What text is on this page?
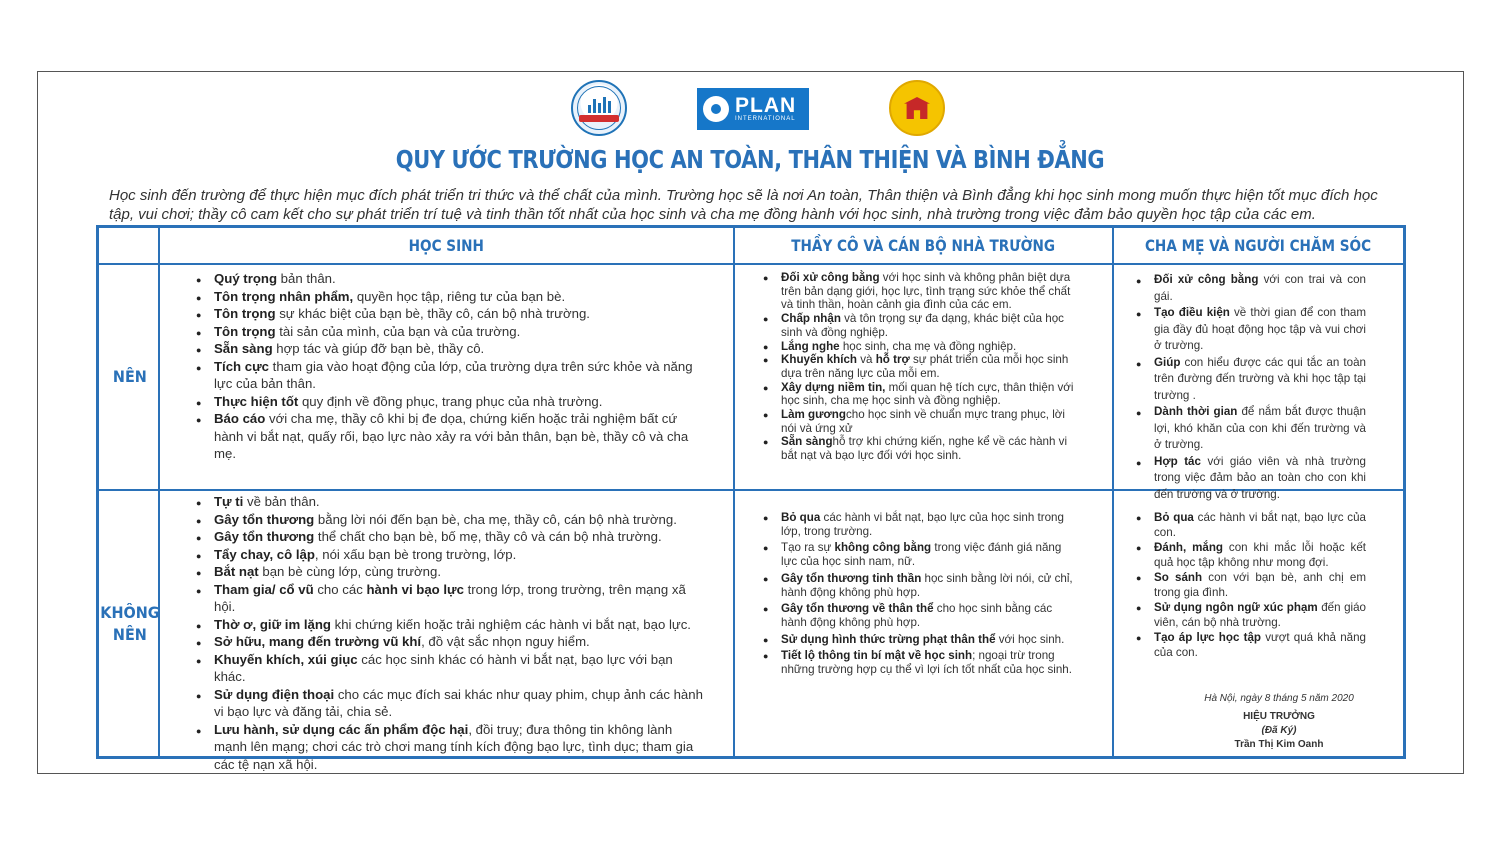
PLAN
INTERNATIONAL
QUY ƯỚC TRƯỜNG HỌC AN TOÀN, THÂN THIỆN VÀ BÌNH ĐẲNG
Học sinh đến trường để thực hiện mục đích phát triển tri thức và thể chất của mình. Trường học sẽ là nơi An toàn, Thân thiện và Bình đẳng khi học sinh mong muốn thực hiện tốt mục đích học tập, vui chơi; thầy cô cam kết cho sự phát triển trí tuệ và tinh thần tốt nhất của học sinh và cha mẹ đồng hành với học sinh, nhà trường trong việc đảm bảo quyền học tập của các em.
HỌC SINH	THẦY CÔ VÀ CÁN BỘ NHÀ TRƯỜNG	CHA MẸ VÀ NGƯỜI CHĂM SÓC
NÊN
KHÔNG
NÊN
● Quý trọng bản thân.
● Tôn trọng nhân phẩm, quyền học tập, riêng tư của bạn bè.
● Tôn trọng sự khác biệt của bạn bè, thầy cô, cán bộ nhà trường.
● Tôn trọng tài sản của mình, của bạn và của trường.
● Sẵn sàng hợp tác và giúp đỡ bạn bè, thầy cô.
● Tích cực tham gia vào hoạt động của lớp, của trường dựa trên sức khỏe và năng lực của bản thân.
● Thực hiện tốt quy định về đồng phục, trang phục của nhà trường.
● Báo cáo với cha mẹ, thầy cô khi bị đe dọa, chứng kiến hoặc trải nghiệm bất cứ hành vi bắt nạt, quấy rối, bạo lực nào xảy ra với bản thân, bạn bè, thầy cô và cha mẹ.
● Đối xử công bằng với học sinh và không phân biệt dựa trên bản dạng giới, học lực, tình trạng sức khỏe thể chất và tinh thần, hoàn cảnh gia đình của các em.
● Chấp nhận và tôn trọng sự đa dạng, khác biệt của học sinh và đồng nghiệp.
● Lắng nghe học sinh, cha mẹ và đồng nghiệp.
● Khuyến khích và hỗ trợ sự phát triển của mỗi học sinh dựa trên năng lực của mỗi em.
● Xây dựng niềm tin, mối quan hệ tích cực, thân thiện với học sinh, cha mẹ học sinh và đồng nghiệp.
● Làm gươngcho học sinh về chuẩn mực trang phục, lời nói và ứng xử
● Sẵn sànghỗ trợ khi chứng kiến, nghe kể về các hành vi bắt nạt và bạo lực đối với học sinh.
● Đối xử công bằng với con trai và con gái.
● Tạo điều kiện về thời gian để con tham gia đầy đủ hoạt động học tập và vui chơi ở trường.
● Giúp con hiểu được các qui tắc an toàn trên đường đến trường và khi học tập tại trường .
● Dành thời gian để nắm bắt được thuận lợi, khó khăn của con khi đến trường và ở trường.
● Hợp tác với giáo viên và nhà trường trong việc đảm bảo an toàn cho con khi đến trường và ở trường.
● Tự ti về bản thân.
● Gây tổn thương bằng lời nói đến bạn bè, cha mẹ, thầy cô, cán bộ nhà trường.
● Gây tổn thương thể chất cho bạn bè, bố mẹ, thầy cô và cán bộ nhà trường.
● Tẩy chay, cô lập, nói xấu bạn bè trong trường, lớp.
● Bắt nạt bạn bè cùng lớp, cùng trường.
● Tham gia/ cổ vũ cho các hành vi bạo lực trong lớp, trong trường, trên mạng xã hội.
● Thờ ơ, giữ im lặng khi chứng kiến hoặc trải nghiệm các hành vi bắt nạt, bạo lực.
● Sở hữu, mang đến trường vũ khí, đồ vật sắc nhọn nguy hiểm.
● Khuyến khích, xúi giục các học sinh khác có hành vi bắt nạt, bạo lực với bạn khác.
● Sử dụng điện thoại cho các mục đích sai khác như quay phim, chụp ảnh các hành vi bạo lực và đăng tải, chia sẻ.
● Lưu hành, sử dụng các ấn phẩm độc hại, đồi truỵ; đưa thông tin không lành mạnh lên mạng; chơi các trò chơi mang tính kích động bạo lực, tình dục; tham gia các tệ nạn xã hội.
● Bỏ qua các hành vi bắt nạt, bạo lực của học sinh trong lớp, trong trường.
● Tạo ra sự không công bằng trong việc đánh giá năng lực của học sinh nam, nữ.
● Gây tổn thương tinh thần học sinh bằng lời nói, cử chỉ, hành động không phù hợp.
● Gây tổn thương về thân thể cho học sinh bằng các hành động không phù hợp.
● Sử dụng hình thức trừng phạt thân thể với học sinh.
● Tiết lộ thông tin bí mật về học sinh; ngoại trừ trong những trường hợp cụ thể vì lợi ích tốt nhất của học sinh.
● Bỏ qua các hành vi bắt nạt, bạo lực của con.
● Đánh, mắng con khi mắc lỗi hoặc kết quả học tập không như mong đợi.
● So sánh con với bạn bè, anh chị em trong gia đình.
● Sử dụng ngôn ngữ xúc phạm đến giáo viên, cán bộ nhà trường.
● Tạo áp lực học tập vượt quá khả năng của con.
Hà Nội, ngày 8 tháng 5 năm 2020
HIỆU TRƯỞNG
(Đã Ký)
Trần Thị Kim Oanh
